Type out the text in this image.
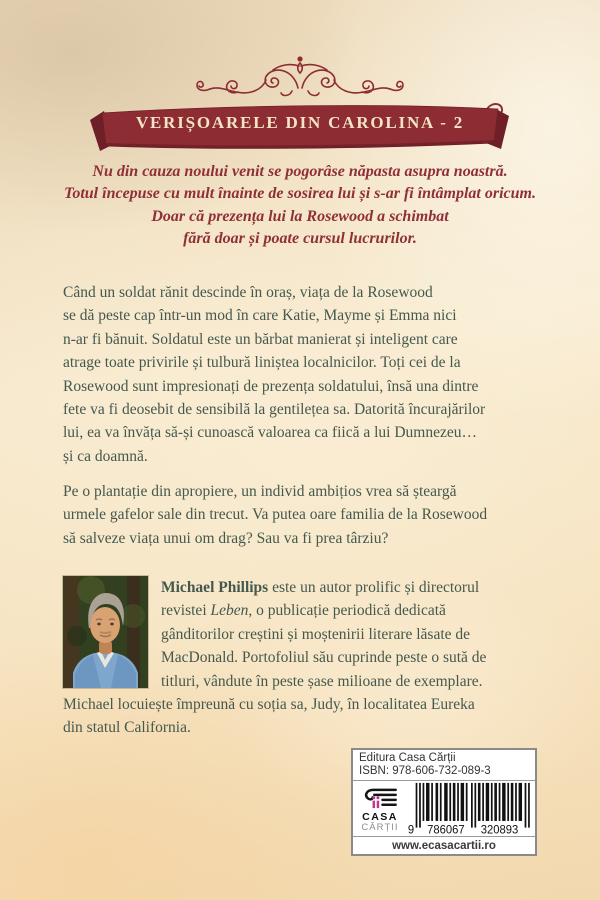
VERIȘOARELE DIN CAROLINA - 2
Nu din cauza noului venit se pogorâse năpasta asupra noastră.
Totul începuse cu mult înainte de sosirea lui și s-ar fi întâmplat oricum.
Doar că prezența lui la Rosewood a schimbat
fără doar și poate cursul lucrurilor.
Când un soldat rănit descinde în oraș, viața de la Rosewood
se dă peste cap într-un mod în care Katie, Mayme și Emma nici
n-ar fi bănuit. Soldatul este un bărbat manierat și inteligent care
atrage toate privirile și tulbură liniștea localnicilor. Toți cei de la
Rosewood sunt impresionați de prezența soldatului, însă una dintre
fete va fi deosebit de sensibilă la gentilețea sa. Datorită încurajărilor
lui, ea va învăța să-și cunoască valoarea ca fiică a lui Dumnezeu…
și ca doamnă.
Pe o plantație din apropiere, un individ ambițios vrea să șteargă
urmele gafelor sale din trecut. Va putea oare familia de la Rosewood
să salveze viața unui om drag? Sau va fi prea târziu?
Michael Phillips este un autor prolific și directorul
revistei Leben, o publicație periodică dedicată
gânditorilor creștini și moștenirii literare lăsate de
MacDonald. Portofoliul său cuprinde peste o sută de
titluri, vândute în peste șase milioane de exemplare.
Michael locuiește împreună cu soția sa, Judy, în localitatea Eureka
din statul California.
Editura Casa Cărții
ISBN: 978-606-732-089-3
CASA
CĂRȚII 9 786067 320893
www.ecasacartii.ro
